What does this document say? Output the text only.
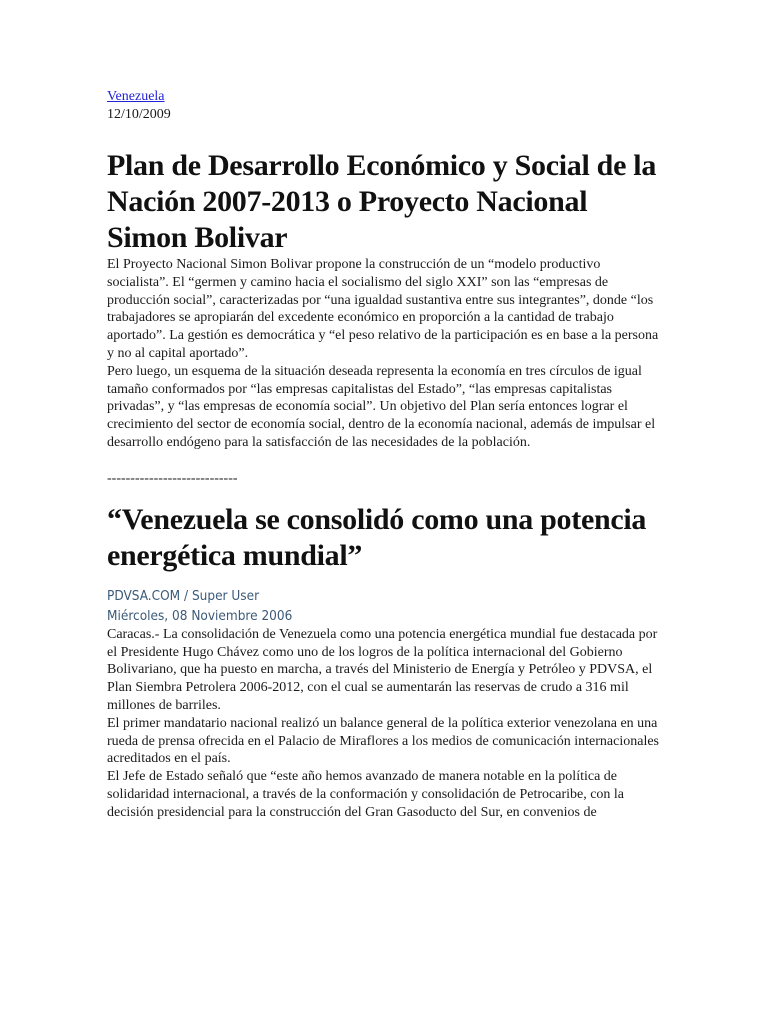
Venezuela
12/10/2009
Plan de Desarrollo Económico y Social de la Nación 2007-2013 o Proyecto Nacional Simon Bolivar

El Proyecto Nacional Simon Bolivar propone la construcción de un “modelo productivo socialista”. El “germen y camino hacia el socialismo del siglo XXI” son las “empresas de producción social”, caracterizadas por “una igualdad sustantiva entre sus integrantes”, donde “los trabajadores se apropiarán del excedente económico en proporción a la cantidad de trabajo aportado”. La gestión es democrática y “el peso relativo de la participación es en base a la persona y no al capital aportado”.

Pero luego, un esquema de la situación deseada representa la economía en tres círculos de igual tamaño conformados por “las empresas capitalistas del Estado”, “las empresas capitalistas privadas”, y “las empresas de economía social”. Un objetivo del Plan sería entonces lograr el crecimiento del sector de economía social, dentro de la economía nacional, además de impulsar el desarrollo endógeno para la satisfacción de las necesidades de la población.

----------------------------
“Venezuela se consolidó como una potencia energética mundial”
PDVSA.COM / Super User
Miércoles, 08 Noviembre 2006

Caracas.- La consolidación de Venezuela como una potencia energética mundial fue destacada por el Presidente Hugo Chávez como uno de los logros de la política internacional del Gobierno Bolivariano, que ha puesto en marcha, a través del Ministerio de Energía y Petróleo y PDVSA, el Plan Siembra Petrolera 2006-2012, con el cual se aumentarán las reservas de crudo a 316 mil millones de barriles.

El primer mandatario nacional realizó un balance general de la política exterior venezolana en una rueda de prensa ofrecida en el Palacio de Miraflores a los medios de comunicación internacionales acreditados en el país.

El Jefe de Estado señaló que “este año hemos avanzado de manera notable en la política de solidaridad internacional, a través de la conformación y consolidación de Petrocaribe, con la decisión presidencial para la construcción del Gran Gasoducto del Sur, en convenios de
